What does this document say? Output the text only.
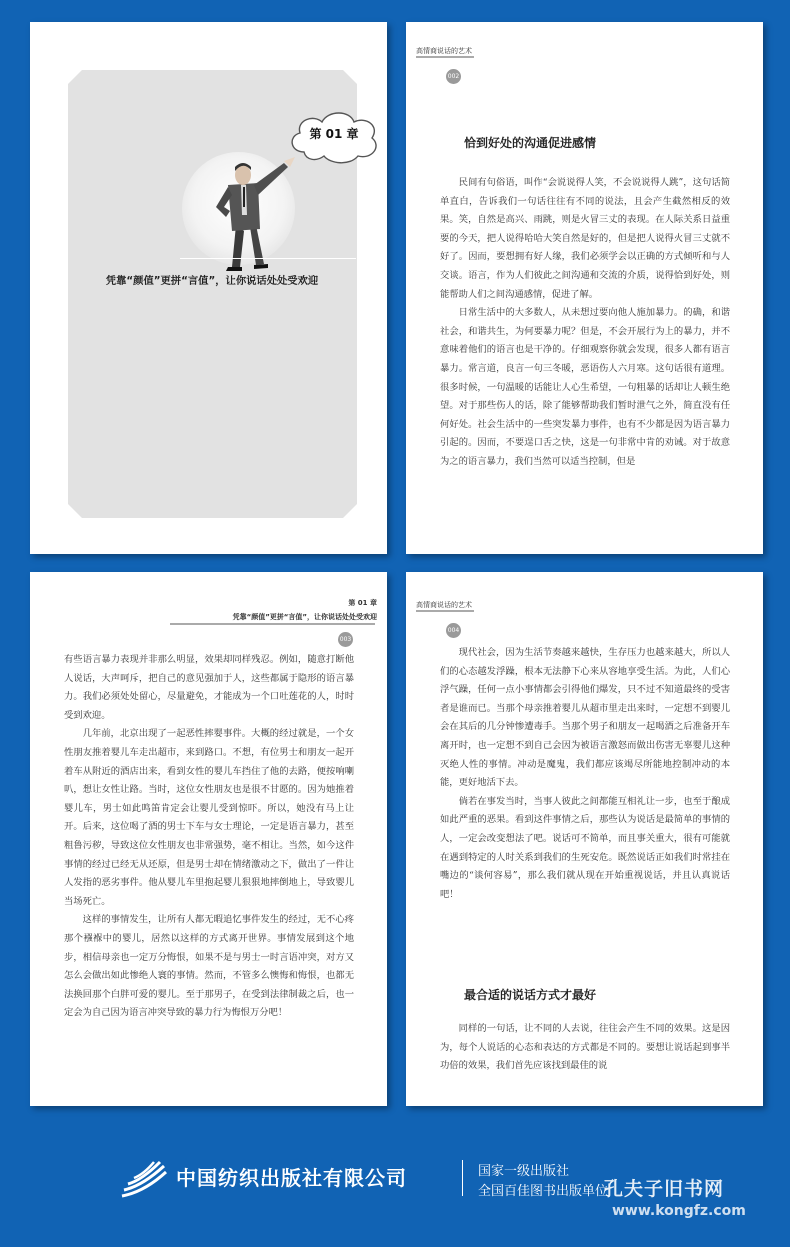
第 01 章
凭靠“颜值”更拼“言值”，让你说话处处受欢迎
高情商说话的艺术
002
恰到好处的沟通促进感情

民间有句俗语，叫作“会说说得人笑，不会说说得人跳”，这句话简单直白，告诉我们一句话往往有不同的说法，且会产生截然相反的效果。笑，自然是高兴、雨跳，则是火冒三丈的表现。在人际关系日益重要的今天，把人说得哈哈大笑自然是好的，但是把人说得火冒三丈就不好了。因而，要想拥有好人缘，我们必须学会以正确的方式倾听和与人交谈。语言，作为人们彼此之间沟通和交流的介质，说得恰到好处，则能帮助人们之间沟通感情，促进了解。

日常生活中的大多数人，从未想过要向他人施加暴力。的确，和谐社会，和谐共生，为何要暴力呢？但是，不会开展行为上的暴力，并不意味着他们的语言也是干净的。仔细观察你就会发现，很多人都有语言暴力。常言道，良言一句三冬暖，恶语伤人六月寒。这句话很有道理。很多时候，一句温暖的话能让人心生希望，一句粗暴的话却让人顿生绝望。对于那些伤人的话，除了能够帮助我们暂时泄气之外，简直没有任何好处。社会生活中的一些突发暴力事件，也有不少都是因为语言暴力引起的。因而，不要逞口舌之快，这是一句非常中肯的劝诫。对于故意为之的语言暴力，我们当然可以适当控制，但是

第 01 章
凭靠“颜值”更拼“言值”，让你说话处处受欢迎
003

有些语言暴力表现并非那么明显，效果却同样残忍。例如，随意打断他人说话，大声呵斥，把自己的意见强加于人，这些都属于隐形的语言暴力。我们必须处处留心，尽量避免，才能成为一个口吐莲花的人，时时受到欢迎。

几年前，北京出现了一起恶性摔婴事件。大概的经过就是，一个女性朋友推着婴儿车走出超市，来到路口。不想，有位男士和朋友一起开着车从附近的酒店出来，看到女性的婴儿车挡住了他的去路，便按响喇叭，想让女性让路。当时，这位女性朋友也是很不甘愿的。因为她推着婴儿车，男士如此鸣笛肯定会让婴儿受到惊吓。所以，她没有马上让开。后来，这位喝了酒的男士下车与女士理论，一定是语言暴力，甚至粗鲁污秽，导致这位女性朋友也非常强势，毫不相让。当然，如今这件事情的经过已经无从还原，但是男士却在情绪激动之下，做出了一件让人发指的恶劣事件。他从婴儿车里抱起婴儿狠狠地摔倒地上，导致婴儿当场死亡。

这样的事情发生，让所有人都无暇追忆事件发生的经过，无不心疼那个襁褓中的婴儿，居然以这样的方式离开世界。事情发展到这个地步，相信母亲也一定万分悔恨，如果不是与男士一时言语冲突，对方又怎么会做出如此惨绝人寰的事情。然而，不管多么懊悔和悔恨，也都无法换回那个白胖可爱的婴儿。至于那男子，在受到法律制裁之后，也一定会为自己因为语言冲突导致的暴力行为悔恨万分吧！

高情商说话的艺术
004

现代社会，因为生活节奏越来越快，生存压力也越来越大，所以人们的心态越发浮躁，根本无法静下心来从容地享受生活。为此，人们心浮气躁，任何一点小事情都会引得他们爆发，只不过不知道最终的受害者是谁而已。当那个母亲推着婴儿从超市里走出来时，一定想不到婴儿会在其后的几分钟惨遭毒手。当那个男子和朋友一起喝酒之后准备开车离开时，也一定想不到自己会因为被语言激怒而做出伤害无辜婴儿这种灭绝人性的事情。冲动是魔鬼，我们都应该竭尽所能地控制冲动的本能，更好地活下去。

倘若在事发当时，当事人彼此之间都能互相礼让一步，也至于酿成如此严重的恶果。看到这件事情之后，那些认为说话是最简单的事情的人，一定会改变想法了吧。说话可不简单，而且事关重大，很有可能就在遇到特定的人时关系到我们的生死安危。既然说话正如我们时常挂在嘴边的“谈何容易”，那么我们就从现在开始重视说话，并且认真说话吧！

最合适的说话方式才最好

同样的一句话，让不同的人去说，往往会产生不同的效果。这是因为，每个人说话的心态和表达的方式都是不同的。要想让说话起到事半功倍的效果，我们首先应该找到最佳的说

中国纺织出版社有限公司	国家一级出版社
全国百佳图书出版单位
孔夫子旧书网
www.kongfz.com
